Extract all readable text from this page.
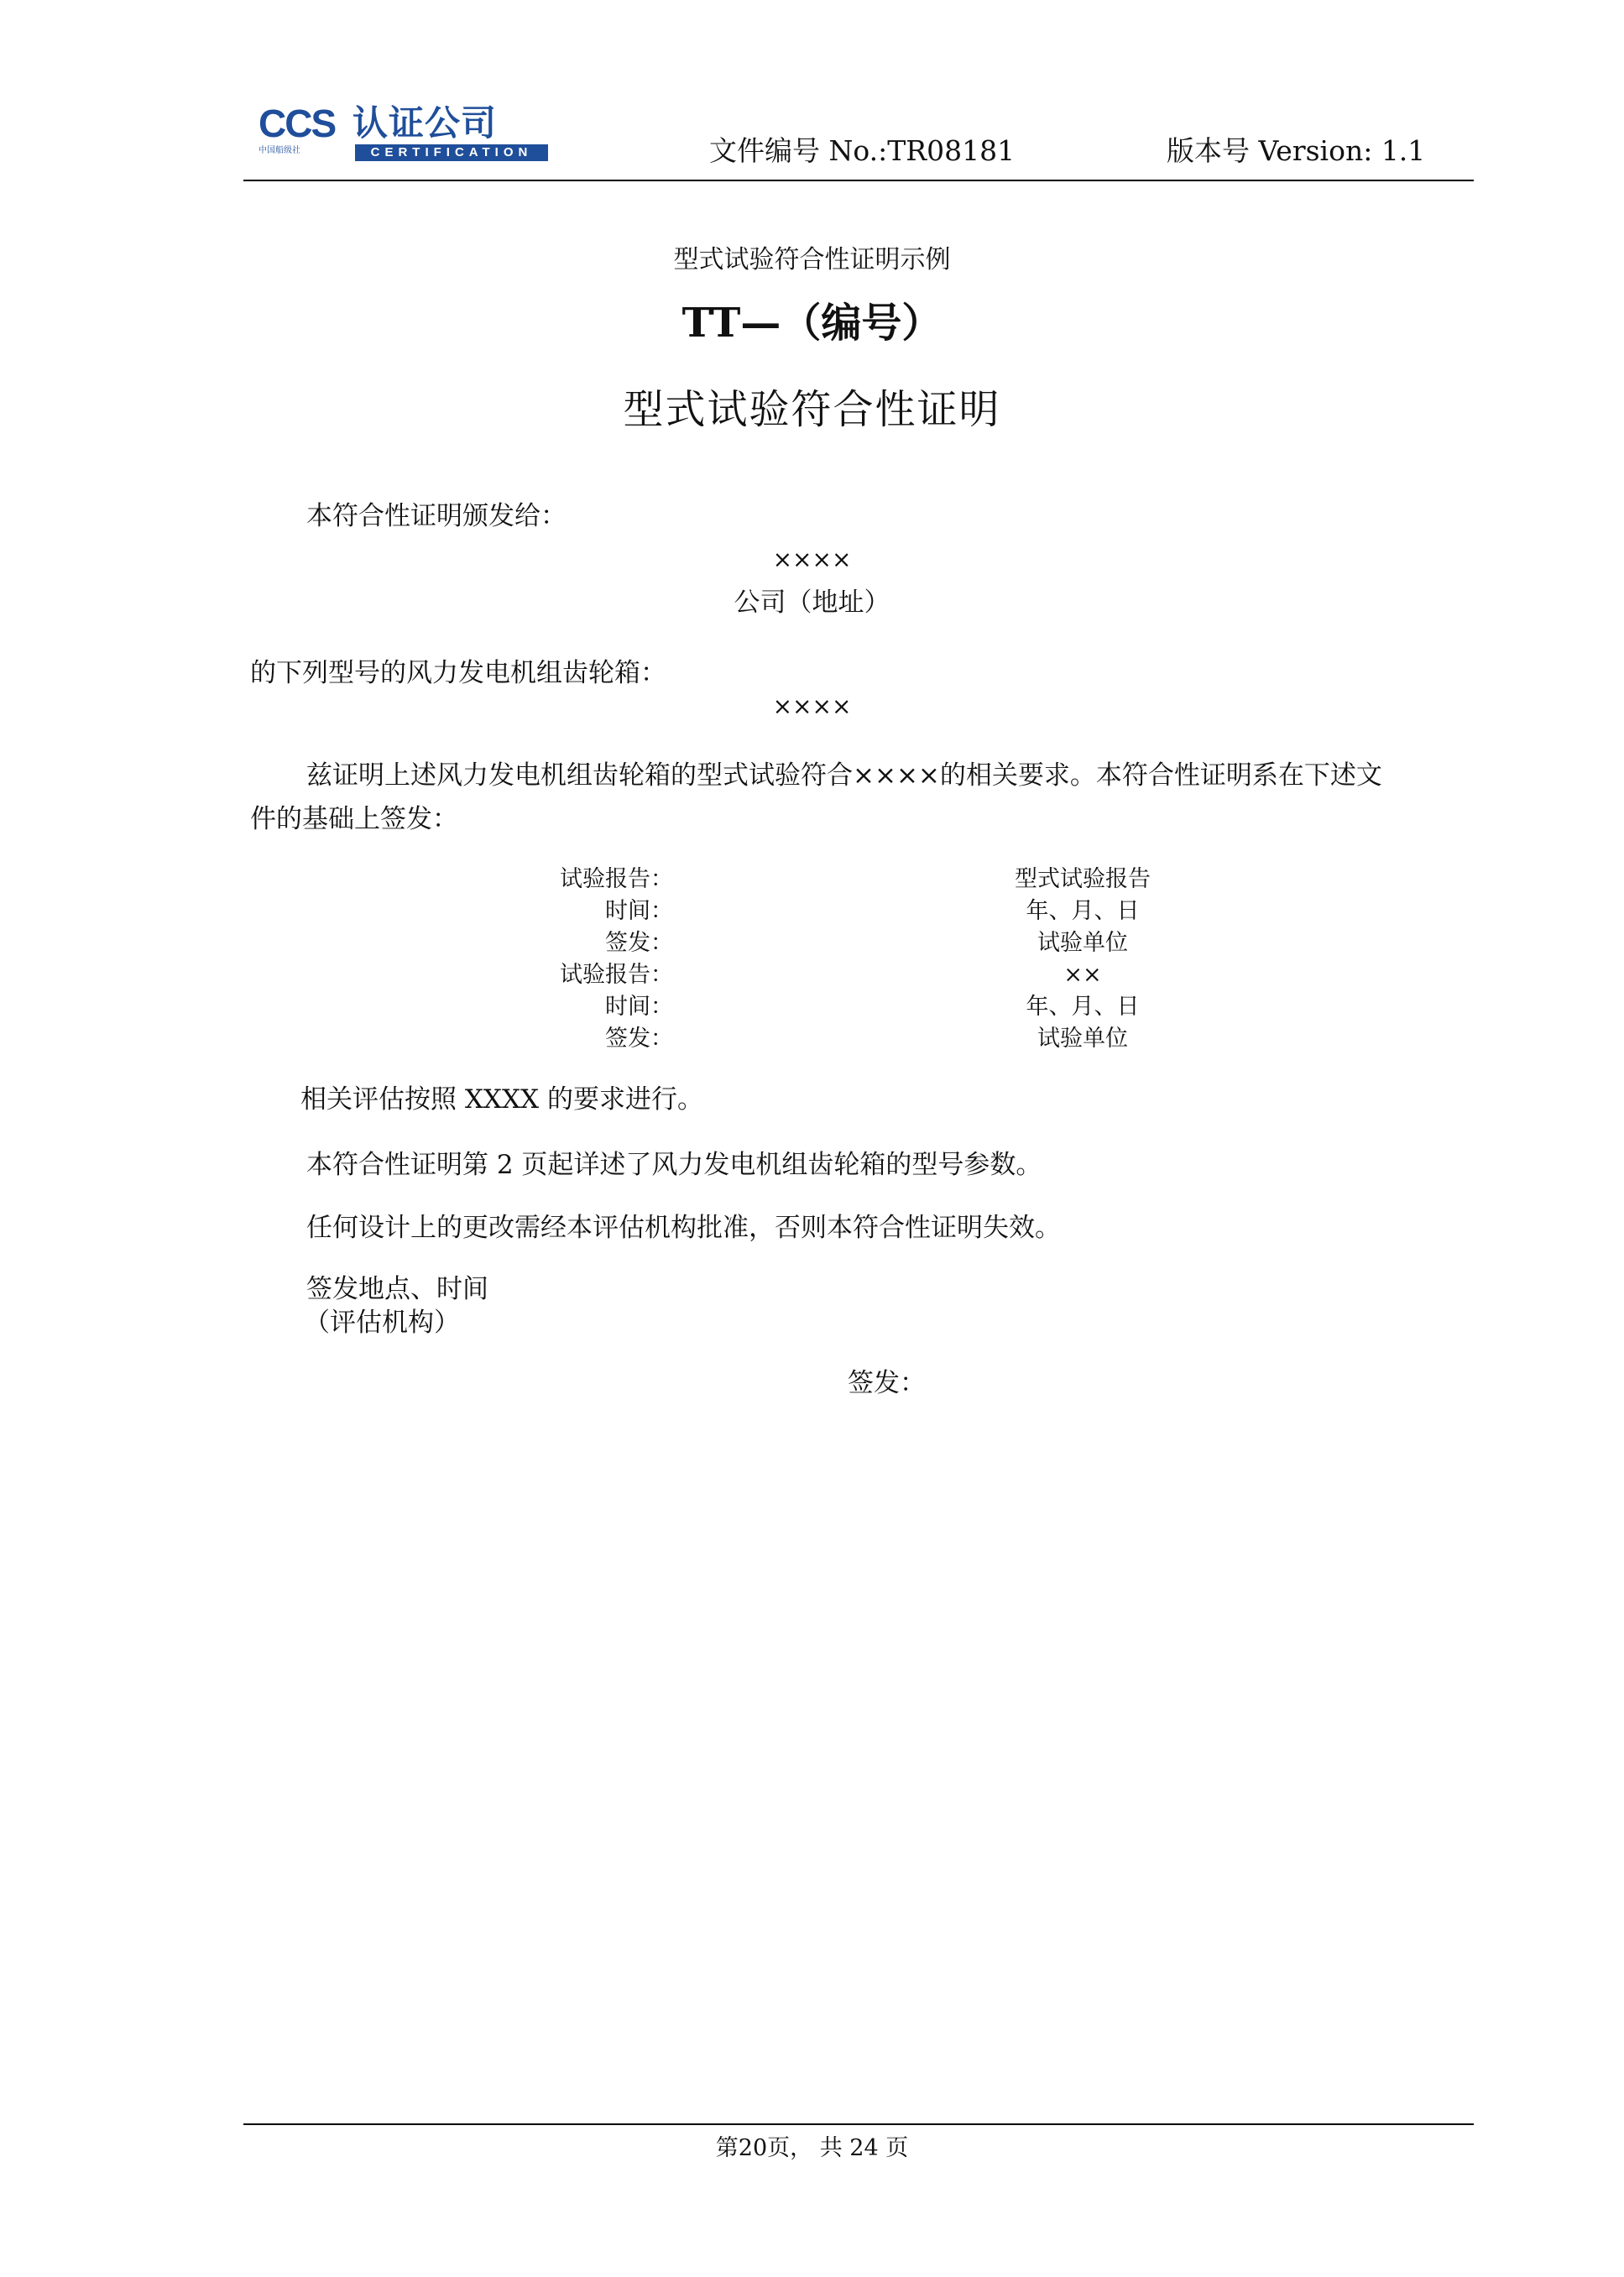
CCS 认证公司
中国船级社	CERTIFICATION	文件编号 No.:TR08181	版本号 Version: 1.1
型式试验符合性证明示例
TT—（编号）
型式试验符合性证明
本符合性证明颁发给：
××××
公司（地址）
的下列型号的风力发电机组齿轮箱：
××××
兹证明上述风力发电机组齿轮箱的型式试验符合××××的相关要求。本符合性证明系在下述文
件的基础上签发：
试验报告：	型式试验报告
时间：	年、月、日
签发：	试验单位
试验报告：	××
时间：	年、月、日
签发：	试验单位
相关评估按照 XXXX 的要求进行。
本符合性证明第 2 页起详述了风力发电机组齿轮箱的型号参数。
任何设计上的更改需经本评估机构批准，否则本符合性证明失效。
签发地点、时间
（评估机构）
签发：
第20页， 共 24 页
